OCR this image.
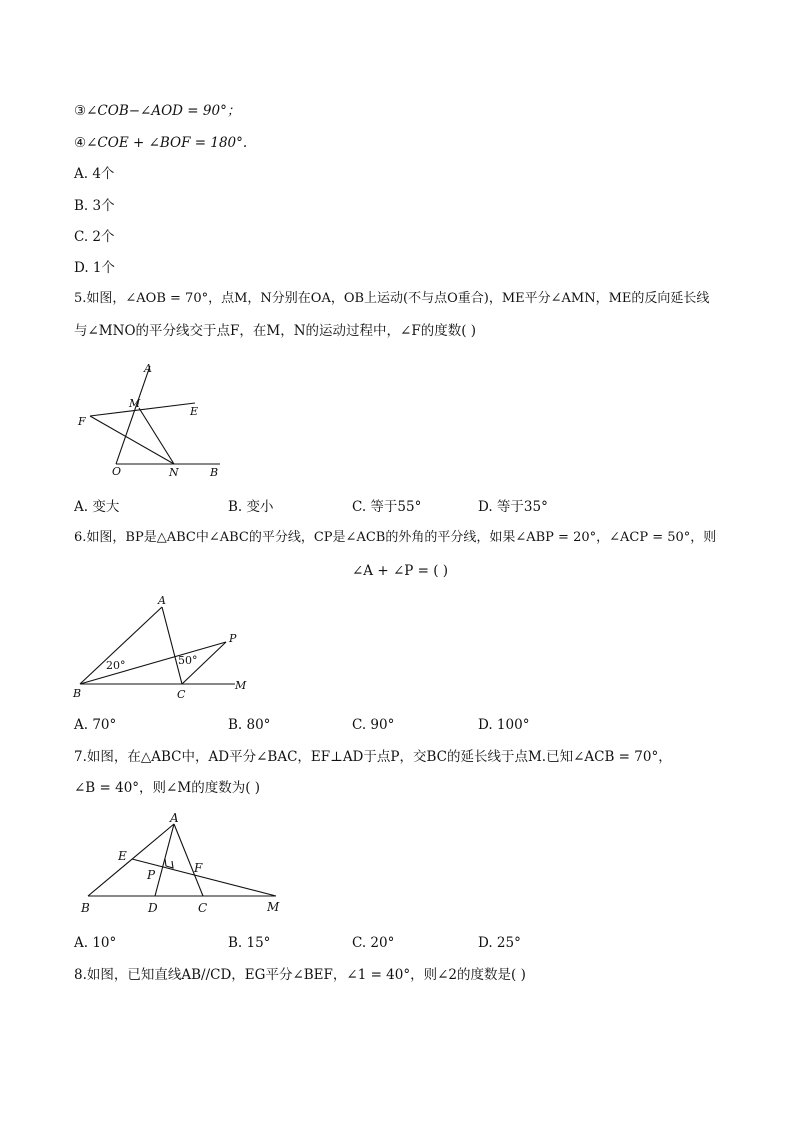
③∠COB−∠AOD = 90°；
④∠COE + ∠BOF = 180°.
A. 4个
B. 3个
C. 2个
D. 1个
5.如图，∠AOB = 70°，点M，N分别在OA，OB上运动(不与点O重合)，ME平分∠AMN，ME的反向延长线
与∠MNO的平分线交于点F，在M，N的运动过程中，∠F的度数( )
A
M
E
F
O	N	B
A. 变大	B. 变小	C. 等于55°	D. 等于35°
6.如图，BP是△ABC中∠ABC的平分线，CP是∠ACB的外角的平分线，如果∠ABP = 20°，∠ACP = 50°，则
∠A + ∠P = ( )
A
P
B	C
M
20°	50°
A. 70°	B. 80°	C. 90°	D. 100°
7.如图，在△ABC中，AD平分∠BAC，EF⊥AD于点P，交BC的延长线于点M.已知∠ACB = 70°，
∠B = 40°，则∠M的度数为( )
A
E
P	F
B	D	C	M
A. 10°	B. 15°	C. 20°	D. 25°
8.如图，已知直线AB//CD，EG平分∠BEF，∠1 = 40°，则∠2的度数是( )
